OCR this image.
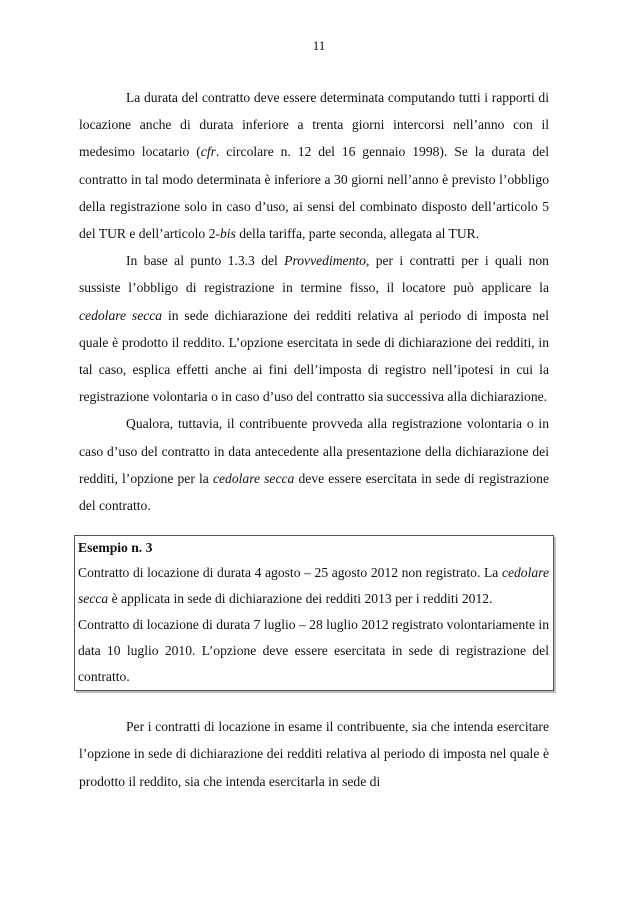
11

La durata del contratto deve essere determinata computando tutti i rapporti di locazione anche di durata inferiore a trenta giorni intercorsi nell’anno con il medesimo locatario (cfr. circolare n. 12 del 16 gennaio 1998). Se la durata del contratto in tal modo determinata è inferiore a 30 giorni nell’anno è previsto l’obbligo della registrazione solo in caso d’uso, ai sensi del combinato disposto dell’articolo 5 del TUR e dell’articolo 2-bis della tariffa, parte seconda, allegata al TUR.

In base al punto 1.3.3 del Provvedimento, per i contratti per i quali non sussiste l’obbligo di registrazione in termine fisso, il locatore può applicare la cedolare secca in sede dichiarazione dei redditi relativa al periodo di imposta nel quale è prodotto il reddito. L’opzione esercitata in sede di dichiarazione dei redditi, in tal caso, esplica effetti anche ai fini dell’imposta di registro nell’ipotesi in cui la registrazione volontaria o in caso d’uso del contratto sia successiva alla dichiarazione.

Qualora, tuttavia, il contribuente provveda alla registrazione volontaria o in caso d’uso del contratto in data antecedente alla presentazione della dichiarazione dei redditi, l’opzione per la cedolare secca deve essere esercitata in sede di registrazione del contratto.

Esempio n. 3

Contratto di locazione di durata 4 agosto – 25 agosto 2012 non registrato. La cedolare secca è applicata in sede di dichiarazione dei redditi 2013 per i redditi 2012.

Contratto di locazione di durata 7 luglio – 28 luglio 2012 registrato volontariamente in data 10 luglio 2010. L’opzione deve essere esercitata in sede di registrazione del contratto.

Per i contratti di locazione in esame il contribuente, sia che intenda esercitare l’opzione in sede di dichiarazione dei redditi relativa al periodo di imposta nel quale è prodotto il reddito, sia che intenda esercitarla in sede di
